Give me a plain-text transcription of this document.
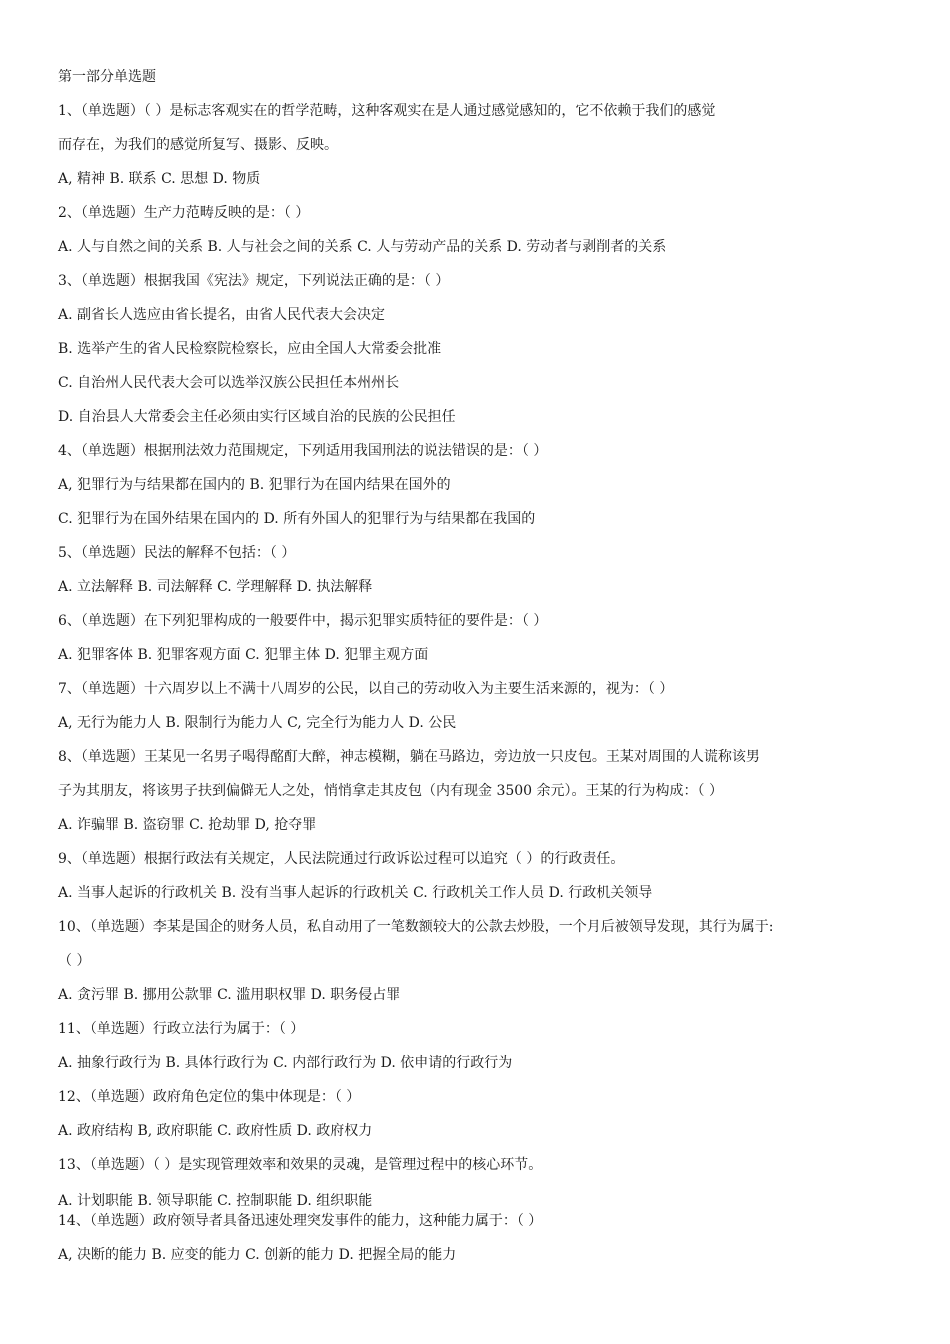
第一部分单选题
1、（单选题）（ ）是标志客观实在的哲学范畴，这种客观实在是人通过感觉感知的，它不依赖于我们的感觉
而存在，为我们的感觉所复写、摄影、反映。
A, 精神 B. 联系 C. 思想 D. 物质
2、（单选题）生产力范畴反映的是：（ ）
A. 人与自然之间的关系 B. 人与社会之间的关系 C. 人与劳动产品的关系 D. 劳动者与剥削者的关系
3、（单选题）根据我国《宪法》规定，下列说法正确的是：（ ）
A. 副省长人选应由省长提名，由省人民代表大会决定
B. 选举产生的省人民检察院检察长，应由全国人大常委会批准
C. 自治州人民代表大会可以选举汉族公民担任本州州长
D. 自治县人大常委会主任必须由实行区域自治的民族的公民担任
4、（单选题）根据刑法效力范围规定，下列适用我国刑法的说法错误的是：（ ）
A, 犯罪行为与结果都在国内的 B. 犯罪行为在国内结果在国外的
C. 犯罪行为在国外结果在国内的 D. 所有外国人的犯罪行为与结果都在我国的
5、（单选题）民法的解释不包括：（ ）
A. 立法解释 B. 司法解释 C. 学理解释 D. 执法解释
6、（单选题）在下列犯罪构成的一般要件中，揭示犯罪实质特征的要件是：（ ）
A. 犯罪客体 B. 犯罪客观方面 C. 犯罪主体 D. 犯罪主观方面
7、（单选题）十六周岁以上不满十八周岁的公民，以自己的劳动收入为主要生活来源的，视为：（ ）
A, 无行为能力人 B. 限制行为能力人 C, 完全行为能力人 D. 公民
8、（单选题）王某见一名男子喝得酩酊大醉，神志模糊，躺在马路边，旁边放一只皮包。王某对周围的人谎称该男
子为其朋友，将该男子扶到偏僻无人之处，悄悄拿走其皮包（内有现金 3500 余元）。王某的行为构成：（ ）
A. 诈骗罪 B. 盗窃罪 C. 抢劫罪 D, 抢夺罪
9、（单选题）根据行政法有关规定，人民法院通过行政诉讼过程可以追究（ ）的行政责任。
A. 当事人起诉的行政机关 B. 没有当事人起诉的行政机关 C. 行政机关工作人员 D. 行政机关领导
10、（单选题）李某是国企的财务人员，私自动用了一笔数额较大的公款去炒股，一个月后被领导发现，其行为属于:
（ ）
A. 贪污罪 B. 挪用公款罪 C. 滥用职权罪 D. 职务侵占罪
11、（单选题）行政立法行为属于：（ ）
A. 抽象行政行为 B. 具体行政行为 C. 内部行政行为 D. 依申请的行政行为
12、（单选题）政府角色定位的集中体现是：（ ）
A. 政府结构 B, 政府职能 C. 政府性质 D. 政府权力
13、（单选题）（ ）是实现管理效率和效果的灵魂，是管理过程中的核心环节。
A. 计划职能 B. 领导职能 C. 控制职能 D. 组织职能
14、（单选题）政府领导者具备迅速处理突发事件的能力，这种能力属于：（ ）
A, 决断的能力 B. 应变的能力 C. 创新的能力 D. 把握全局的能力
